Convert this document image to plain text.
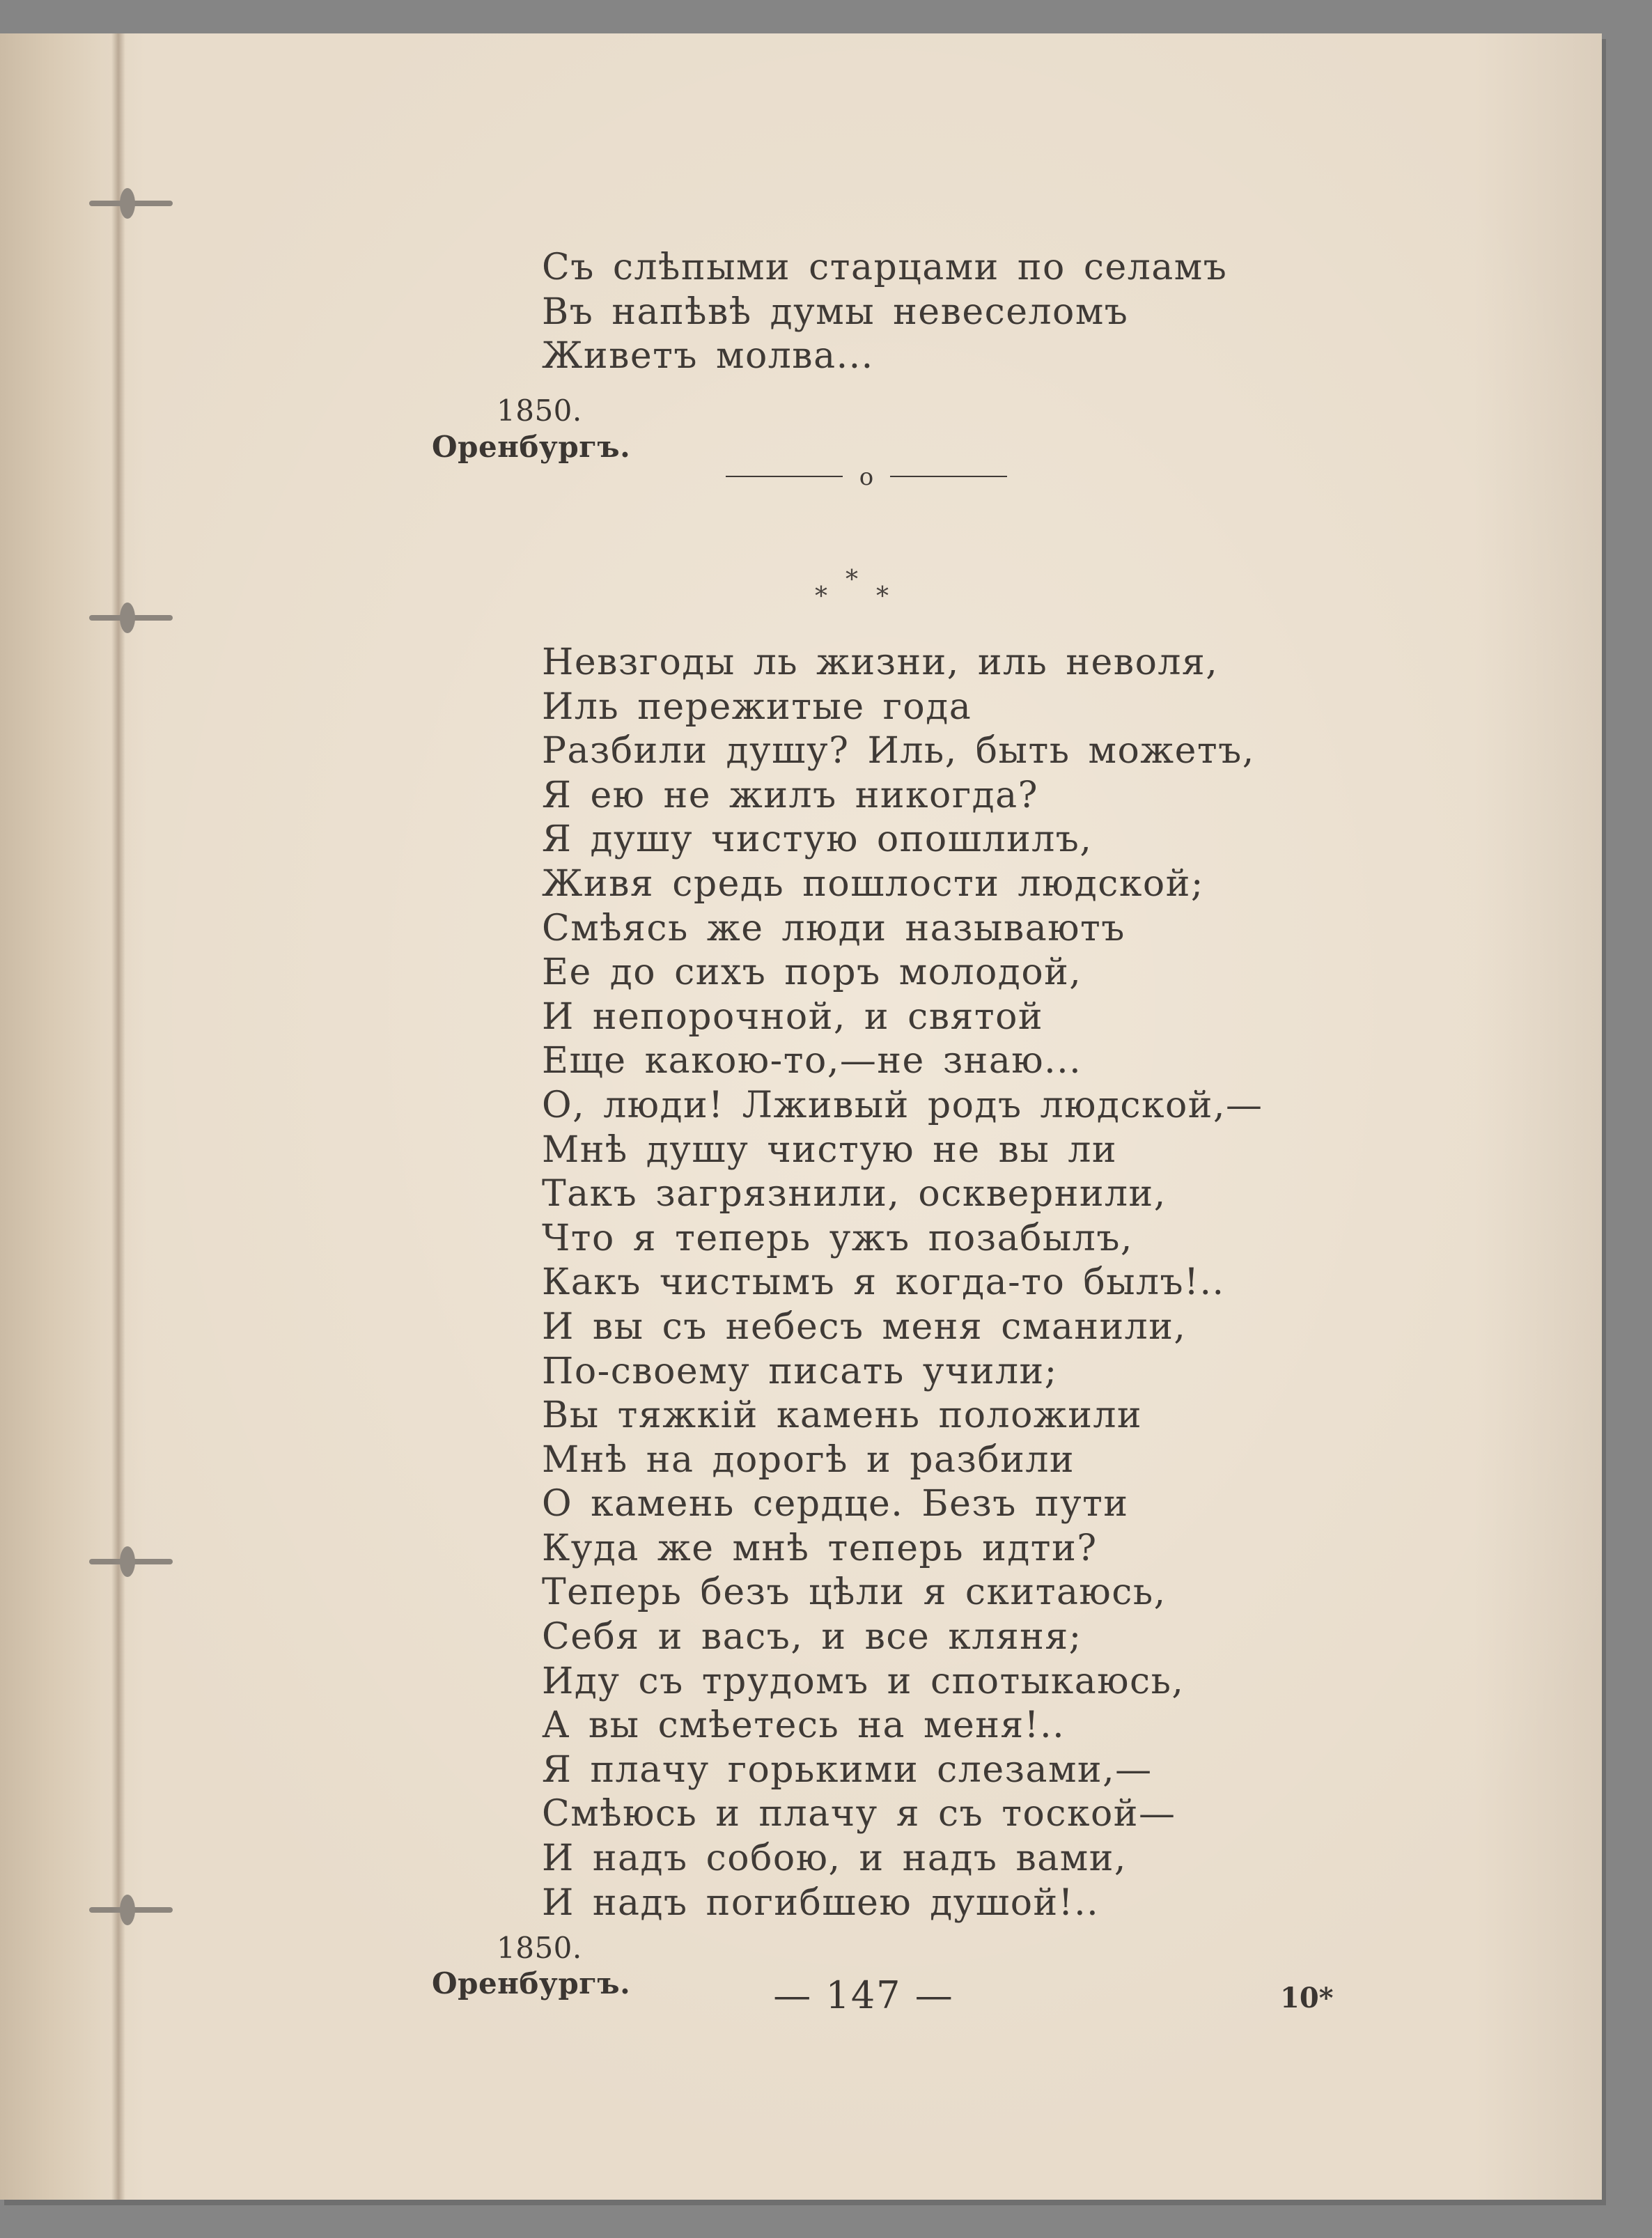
Съ слѣпыми старцами по селамъ
Въ напѣвѣ думы невеселомъ
Живетъ молва...
1850.
Оренбургъ.
o
*
* *
Невзгоды ль жизни, иль неволя,
Иль пережитые года
Разбили душу? Иль, быть можетъ,
Я ею не жилъ никогда?
Я душу чистую опошлилъ,
Живя средь пошлости людской;
Смѣясь же люди называютъ
Ее до сихъ поръ молодой,
И непорочной, и святой
Еще какою-то,—не знаю...
О, люди! Лживый родъ людской,—
Мнѣ душу чистую не вы ли
Такъ загрязнили, осквернили,
Что я теперь ужъ позабылъ,
Какъ чистымъ я когда-то былъ!..
И вы съ небесъ меня сманили,
По-своему писать учили;
Вы тяжкій камень положили
Мнѣ на дорогѣ и разбили
О камень сердце. Безъ пути
Куда же мнѣ теперь идти?
Теперь безъ цѣли я скитаюсь,
Себя и васъ, и все кляня;
Иду съ трудомъ и спотыкаюсь,
А вы смѣетесь на меня!..
Я плачу горькими слезами,—
Смѣюсь и плачу я съ тоской—
И надъ собою, и надъ вами,
И надъ погибшею душой!..
1850.
Оренбургъ.	— 147 —	10*
